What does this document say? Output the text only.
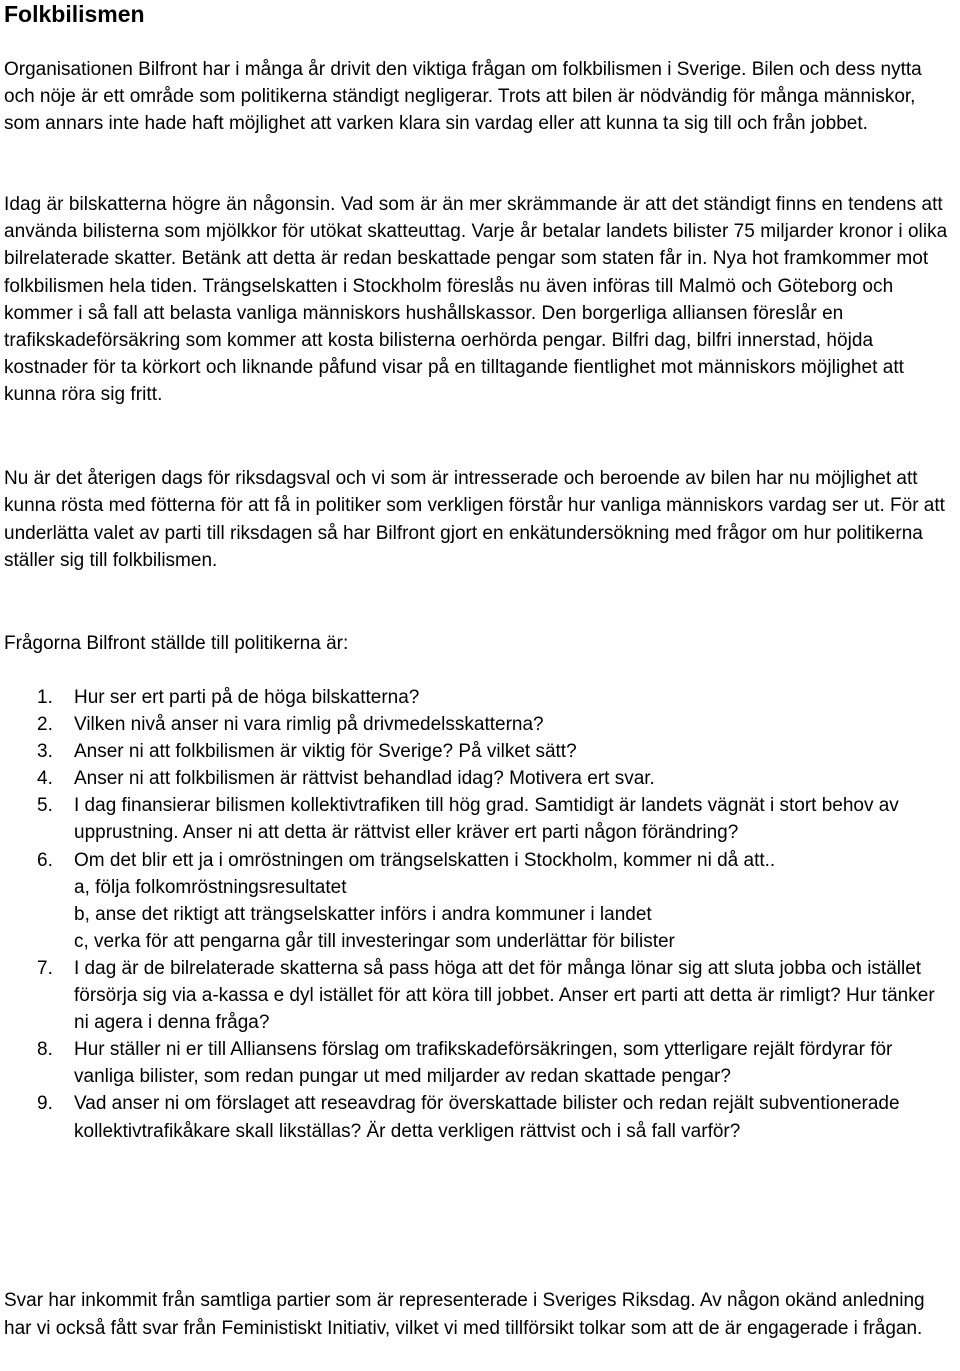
Folkbilismen

Organisationen Bilfront har i många år drivit den viktiga frågan om folkbilismen i Sverige. Bilen och dess nytta och nöje är ett område som politikerna ständigt negligerar. Trots att bilen är nödvändig för många människor, som annars inte hade haft möjlighet att varken klara sin vardag eller att kunna ta sig till och från jobbet.

Idag är bilskatterna högre än någonsin. Vad som är än mer skrämmande är att det ständigt finns en tendens att använda bilisterna som mjölkkor för utökat skatteuttag. Varje år betalar landets bilister 75 miljarder kronor i olika bilrelaterade skatter. Betänk att detta är redan beskattade pengar som staten får in. Nya hot framkommer mot folkbilismen hela tiden. Trängselskatten i Stockholm föreslås nu även införas till Malmö och Göteborg och kommer i så fall att belasta vanliga människors hushållskassor. Den borgerliga alliansen föreslår en trafikskadeförsäkring som kommer att kosta bilisterna oerhörda pengar. Bilfri dag, bilfri innerstad, höjda kostnader för ta körkort och liknande påfund visar på en tilltagande fientlighet mot människors möjlighet att kunna röra sig fritt.

Nu är det återigen dags för riksdagsval och vi som är intresserade och beroende av bilen har nu möjlighet att kunna rösta med fötterna för att få in politiker som verkligen förstår hur vanliga människors vardag ser ut. För att underlätta valet av parti till riksdagen så har Bilfront gjort en enkätundersökning med frågor om hur politikerna ställer sig till folkbilismen.

Frågorna Bilfront ställde till politikerna är:

1. Hur ser ert parti på de höga bilskatterna?
2. Vilken nivå anser ni vara rimlig på drivmedelsskatterna?
3. Anser ni att folkbilismen är viktig för Sverige? På vilket sätt?
4. Anser ni att folkbilismen är rättvist behandlad idag? Motivera ert svar.
5. I dag finansierar bilismen kollektivtrafiken till hög grad. Samtidigt är landets vägnät i stort behov av upprustning. Anser ni att detta är rättvist eller kräver ert parti någon förändring?
6. Om det blir ett ja i omröstningen om trängselskatten i Stockholm, kommer ni då att..
a, följa folkomröstningsresultatet
b, anse det riktigt att trängselskatter införs i andra kommuner i landet
c, verka för att pengarna går till investeringar som underlättar för bilister
7. I dag är de bilrelaterade skatterna så pass höga att det för många lönar sig att sluta jobba och istället försörja sig via a-kassa e dyl istället för att köra till jobbet. Anser ert parti att detta är rimligt? Hur tänker ni agera i denna fråga?
8. Hur ställer ni er till Alliansens förslag om trafikskadeförsäkringen, som ytterligare rejält fördyrar för vanliga bilister, som redan pungar ut med miljarder av redan skattade pengar?
9. Vad anser ni om förslaget att reseavdrag för överskattade bilister och redan rejält subventionerade kollektivtrafikåkare skall likställas? Är detta verkligen rättvist och i så fall varför?

Svar har inkommit från samtliga partier som är representerade i Sveriges Riksdag. Av någon okänd anledning har vi också fått svar från Feministiskt Initiativ, vilket vi med tillförsikt tolkar som att de är engagerade i frågan.
